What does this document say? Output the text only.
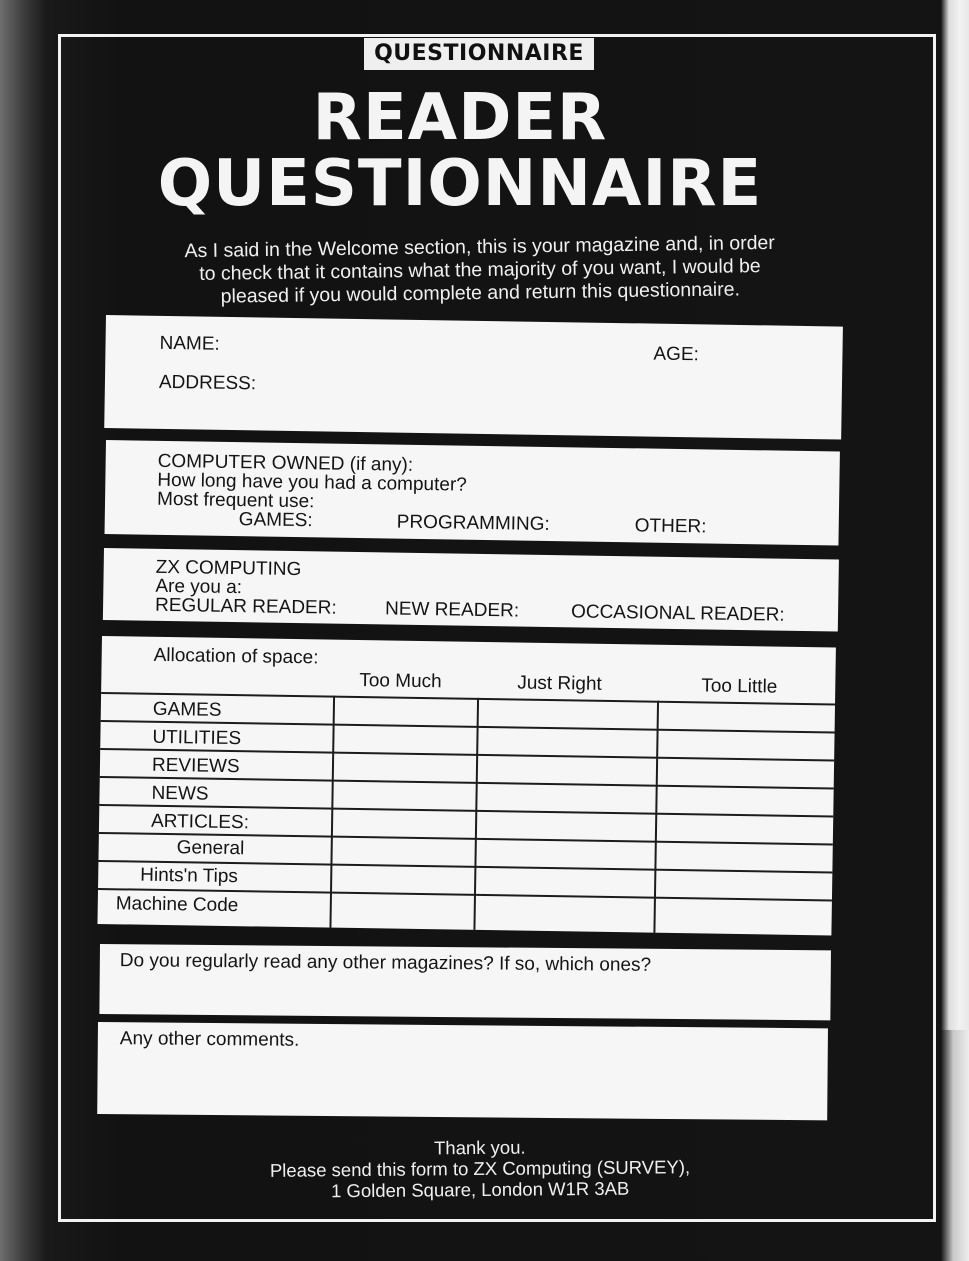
QUESTIONNAIRE
READER
QUESTIONNAIRE
As I said in the Welcome section, this is your magazine and, in order
to check that it contains what the majority of you want, I would be
pleased if you would complete and return this questionnaire.
NAME:	AGE:
ADDRESS:
COMPUTER OWNED (if any):
How long have you had a computer?
Most frequent use:
GAMES:	PROGRAMMING:	OTHER:
ZX COMPUTING
Are you a:
REGULAR READER:	NEW READER:	OCCASIONAL READER:
Allocation of space:
Too Much	Just Right	Too Little
GAMES
UTILITIES
REVIEWS
NEWS
ARTICLES:
General
Hints'n Tips
Machine Code
Do you regularly read any other magazines? If so, which ones?
Any other comments.
Thank you.
Please send this form to ZX Computing (SURVEY),
1 Golden Square, London W1R 3AB
